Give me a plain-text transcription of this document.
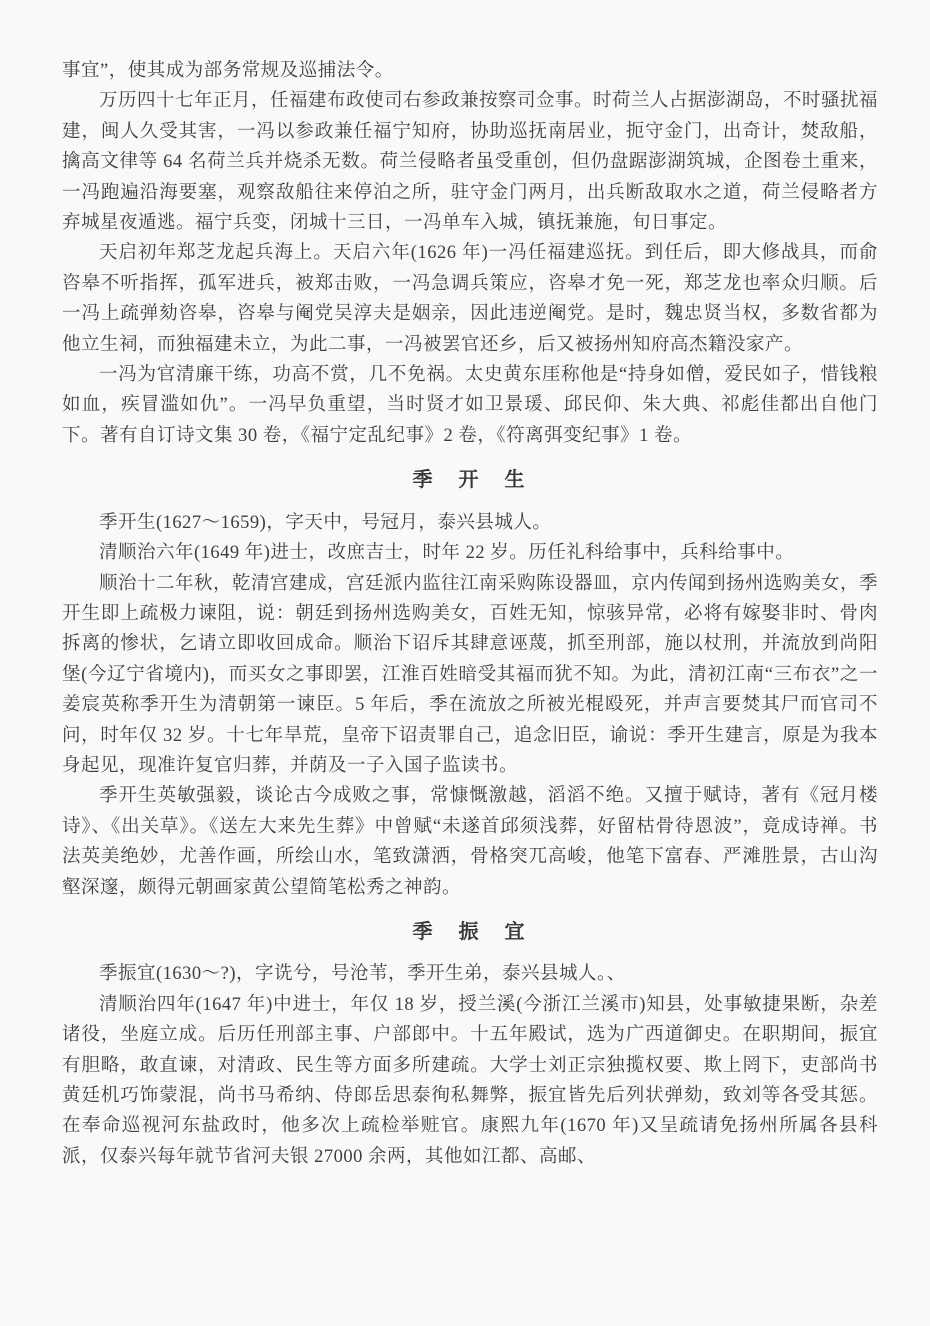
事宜”，使其成为部务常规及巡捕法令。

万历四十七年正月，任福建布政使司右参政兼按察司佥事。时荷兰人占据澎湖岛，不时骚扰福建，闽人久受其害，一冯以参政兼任福宁知府，协助巡抚南居业，扼守金门，出奇计，焚敌船，擒高文律等 64 名荷兰兵并烧杀无数。荷兰侵略者虽受重创，但仍盘踞澎湖筑城，企图卷土重来，一冯跑遍沿海要塞，观察敌船往来停泊之所，驻守金门两月，出兵断敌取水之道，荷兰侵略者方弃城星夜遁逃。福宁兵变，闭城十三日，一冯单车入城，镇抚兼施，旬日事定。

天启初年郑芝龙起兵海上。天启六年(1626 年)一冯任福建巡抚。到任后，即大修战具，而俞咨皋不听指挥，孤军进兵，被郑击败，一冯急调兵策应，咨皋才免一死，郑芝龙也率众归顺。后一冯上疏弹劾咨皋，咨皋与阉党吴淳夫是姻亲，因此违逆阉党。是时，魏忠贤当权，多数省都为他立生祠，而独福建未立，为此二事，一冯被罢官还乡，后又被扬州知府高杰籍没家产。

一冯为官清廉干练，功高不赏，几不免祸。太史黄东厓称他是“持身如僧，爱民如子，惜钱粮如血，疾冒滥如仇”。一冯早负重望，当时贤才如卫景瑗、邱民仰、朱大典、祁彪佳都出自他门下。著有自订诗文集 30 卷，《福宁定乱纪事》2 卷，《符离弭变纪事》1 卷。

季　开　生

季开生(1627～1659)，字天中，号冠月，泰兴县城人。

清顺治六年(1649 年)进士，改庶吉士，时年 22 岁。历任礼科给事中，兵科给事中。

顺治十二年秋，乾清宫建成，宫廷派内监往江南采购陈设器皿，京内传闻到扬州选购美女，季开生即上疏极力谏阻，说：朝廷到扬州选购美女，百姓无知，惊骇异常，必将有嫁娶非时、骨肉拆离的惨状，乞请立即收回成命。顺治下诏斥其肆意诬蔑，抓至刑部，施以杖刑，并流放到尚阳堡(今辽宁省境内)，而买女之事即罢，江淮百姓暗受其福而犹不知。为此，清初江南“三布衣”之一姜宸英称季开生为清朝第一谏臣。5 年后，季在流放之所被光棍殴死，并声言要焚其尸而官司不问，时年仅 32 岁。十七年旱荒，皇帝下诏责罪自己，追念旧臣，谕说：季开生建言，原是为我本身起见，现准许复官归葬，并荫及一子入国子监读书。

季开生英敏强毅，谈论古今成败之事，常慷慨激越，滔滔不绝。又擅于赋诗，著有《冠月楼诗》、《出关草》。《送左大来先生葬》中曾赋“未遂首邱须浅葬，好留枯骨待恩波”，竟成诗禅。书法英美绝妙，尤善作画，所绘山水，笔致潇洒，骨格突兀高峻，他笔下富春、严滩胜景，古山沟壑深邃，颇得元朝画家黄公望简笔松秀之神韵。

季　振　宜

季振宜(1630～?)，字诜兮，号沧苇，季开生弟，泰兴县城人。、

清顺治四年(1647 年)中进士，年仅 18 岁，授兰溪(今浙江兰溪市)知县，处事敏捷果断，杂差诸役，坐庭立成。后历任刑部主事、户部郎中。十五年殿试，选为广西道御史。在职期间，振宜有胆略，敢直谏，对清政、民生等方面多所建疏。大学士刘正宗独揽权要、欺上罔下，吏部尚书黄廷机巧饰蒙混，尚书马希纳、侍郎岳思泰徇私舞弊，振宜皆先后列状弹劾，致刘等各受其惩。在奉命巡视河东盐政时，他多次上疏检举赃官。康熙九年(1670 年)又呈疏请免扬州所属各县科派，仅泰兴每年就节省河夫银 27000 余两，其他如江都、高邮、
